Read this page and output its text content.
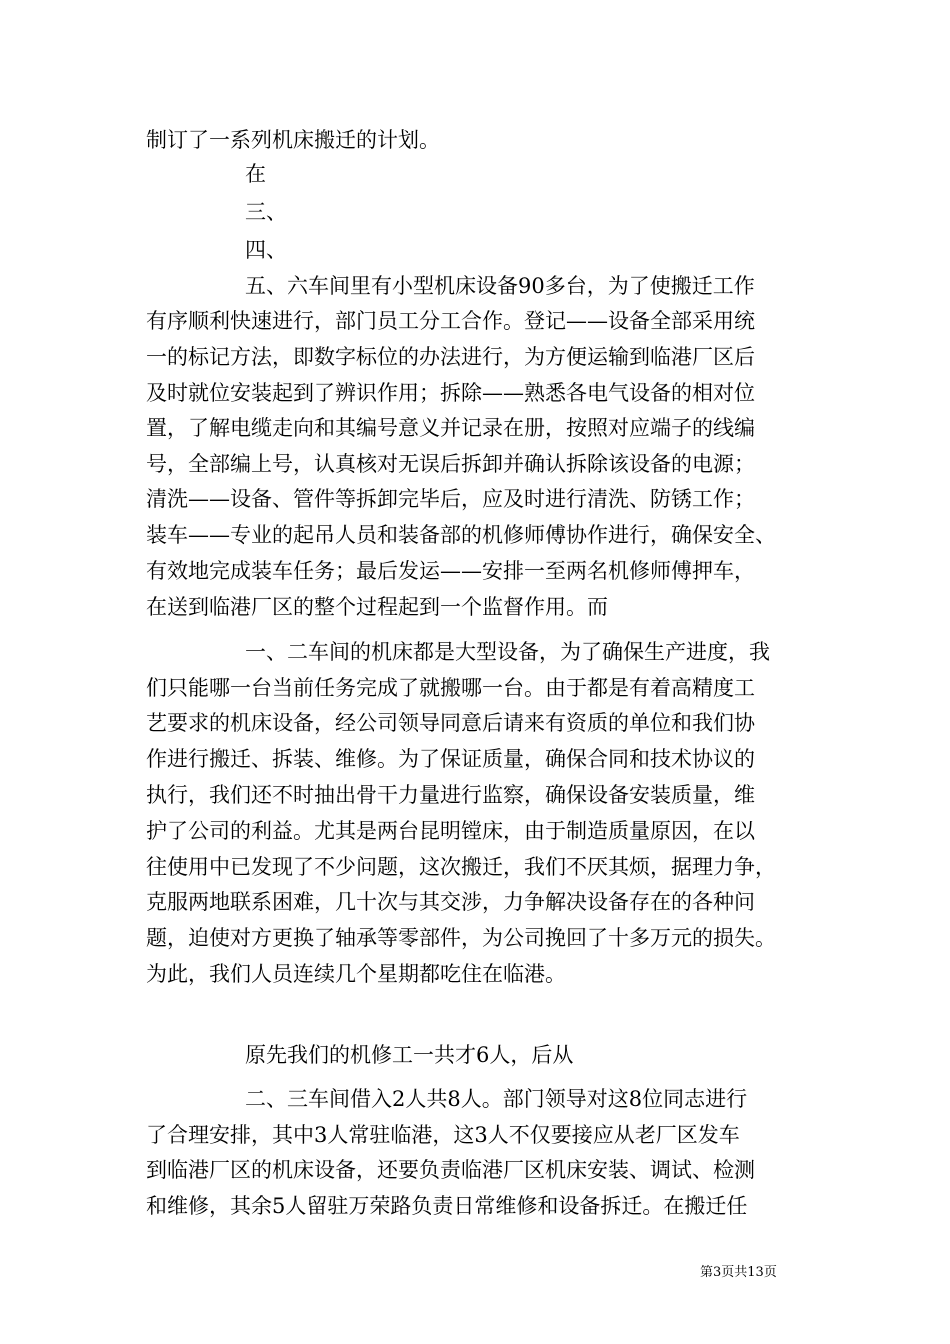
制订了一系列机床搬迁的计划。
在
三、
四、
五、六车间里有小型机床设备90多台，为了使搬迁工作
有序顺利快速进行，部门员工分工合作。登记——设备全部采用统
一的标记方法，即数字标位的办法进行，为方便运输到临港厂区后
及时就位安装起到了辨识作用；拆除——熟悉各电气设备的相对位
置，了解电缆走向和其编号意义并记录在册，按照对应端子的线编
号，全部编上号，认真核对无误后拆卸并确认拆除该设备的电源；
清洗——设备、管件等拆卸完毕后，应及时进行清洗、防锈工作；
装车——专业的起吊人员和装备部的机修师傅协作进行，确保安全、
有效地完成装车任务；最后发运——安排一至两名机修师傅押车，
在送到临港厂区的整个过程起到一个监督作用。而
一、二车间的机床都是大型设备，为了确保生产进度，我
们只能哪一台当前任务完成了就搬哪一台。由于都是有着高精度工
艺要求的机床设备，经公司领导同意后请来有资质的单位和我们协
作进行搬迁、拆装、维修。为了保证质量，确保合同和技术协议的
执行，我们还不时抽出骨干力量进行监察，确保设备安装质量，维
护了公司的利益。尤其是两台昆明镗床，由于制造质量原因，在以
往使用中已发现了不少问题，这次搬迁，我们不厌其烦，据理力争，
克服两地联系困难，几十次与其交涉，力争解决设备存在的各种问
题，迫使对方更换了轴承等零部件，为公司挽回了十多万元的损失。
为此，我们人员连续几个星期都吃住在临港。
原先我们的机修工一共才6人，后从
二、三车间借入2人共8人。部门领导对这8位同志进行
了合理安排，其中3人常驻临港，这3人不仅要接应从老厂区发车
到临港厂区的机床设备，还要负责临港厂区机床安装、调试、检测
和维修，其余5人留驻万荣路负责日常维修和设备拆迁。在搬迁任
第3页共13页
